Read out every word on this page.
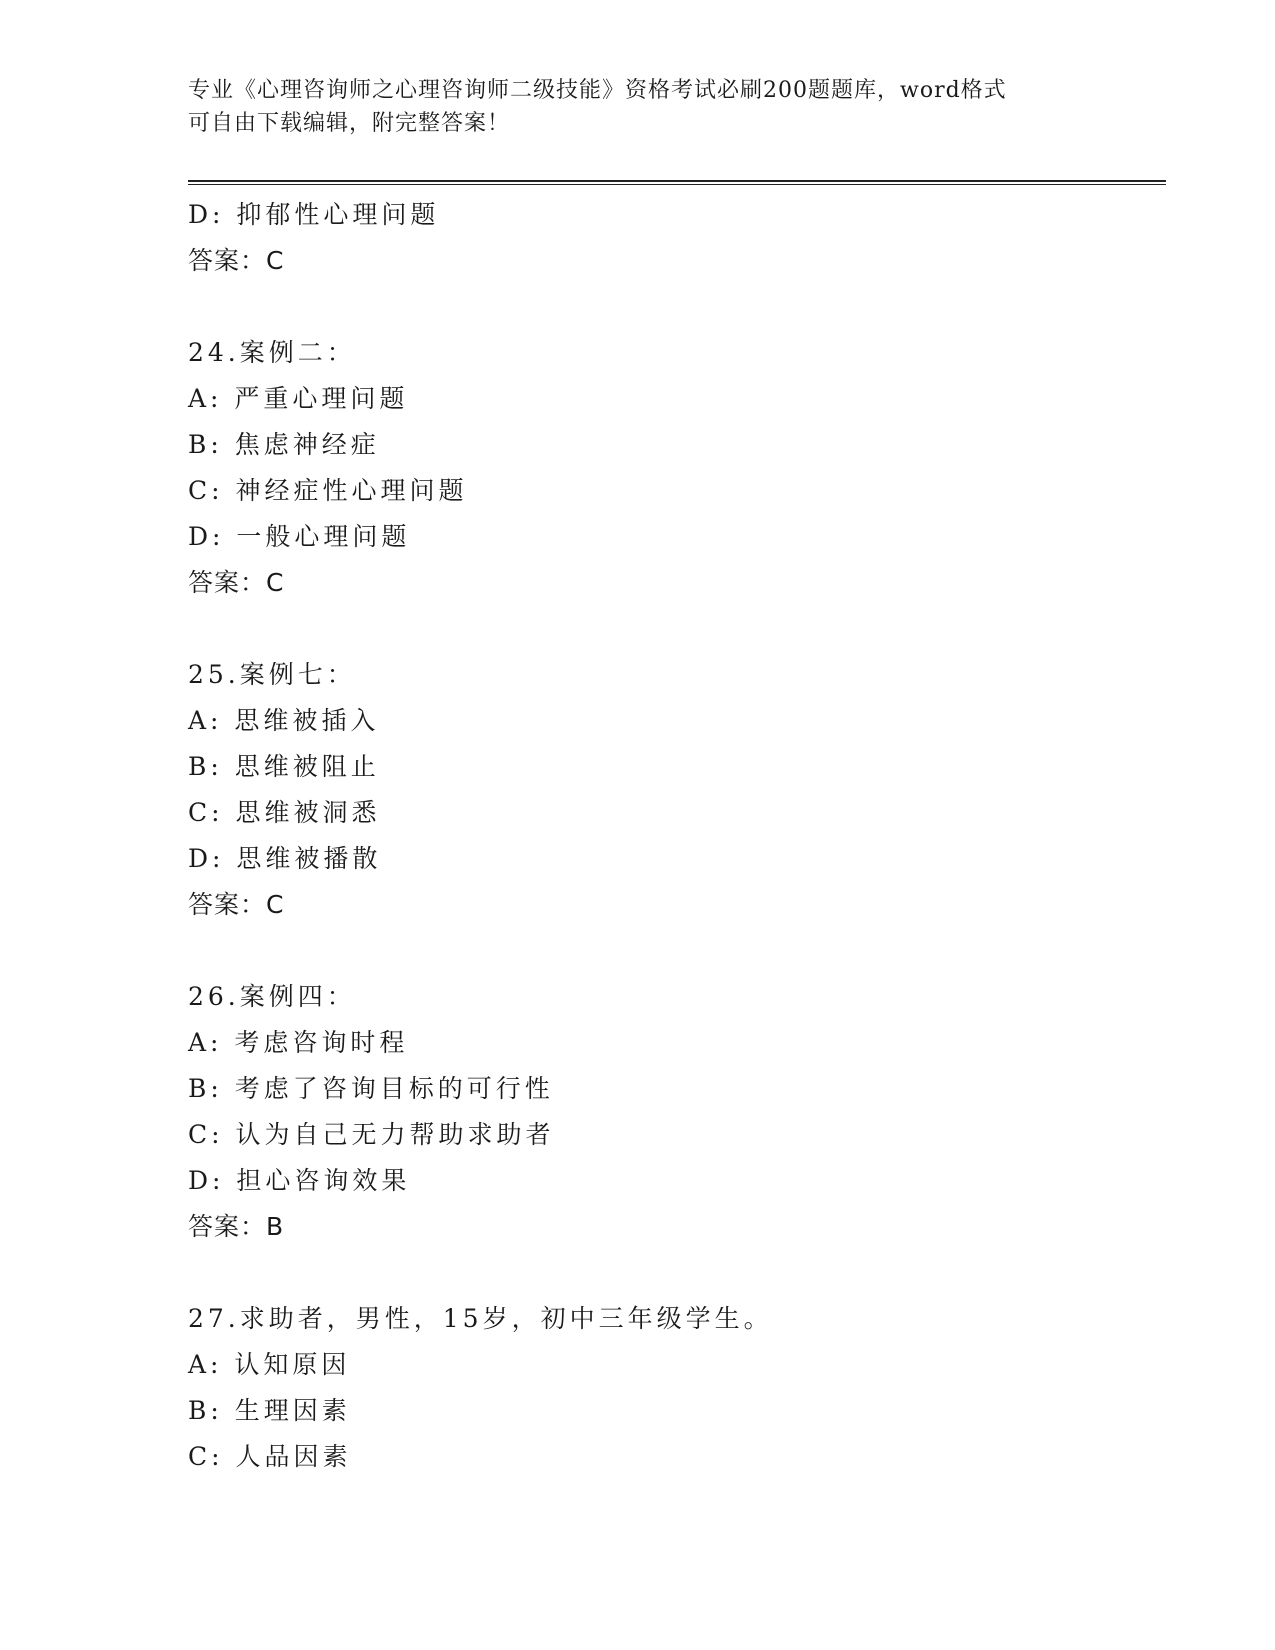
专业《心理咨询师之心理咨询师二级技能》资格考试必刷200题题库，word格式
可自由下载编辑，附完整答案！
D: 抑郁性心理问题
答案：C
24.案例二：
A: 严重心理问题
B: 焦虑神经症
C: 神经症性心理问题
D: 一般心理问题
答案：C
25.案例七：
A: 思维被插入
B: 思维被阻止
C: 思维被洞悉
D: 思维被播散
答案：C
26.案例四：
A: 考虑咨询时程
B: 考虑了咨询目标的可行性
C: 认为自己无力帮助求助者
D: 担心咨询效果
答案：B
27.求助者，男性，15岁，初中三年级学生。
A: 认知原因
B: 生理因素
C: 人品因素
